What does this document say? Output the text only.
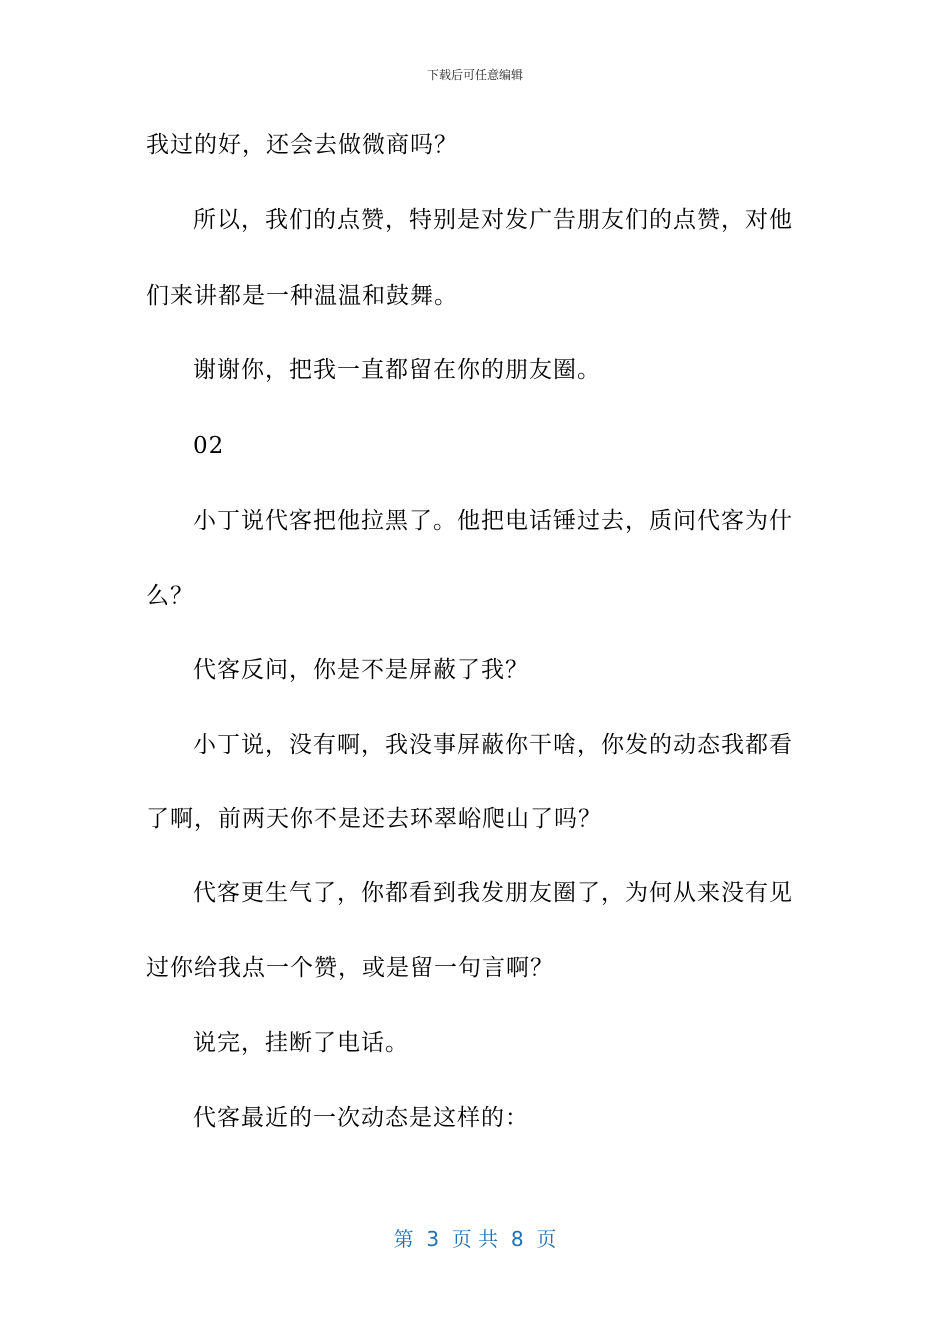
下载后可任意编辑
我过的好，还会去做微商吗？
所以，我们的点赞，特别是对发广告朋友们的点赞，对他
们来讲都是一种温温和鼓舞。
谢谢你，把我一直都留在你的朋友圈。
02
小丁说代客把他拉黑了。他把电话锤过去，质问代客为什
么？
代客反问，你是不是屏蔽了我？
小丁说，没有啊，我没事屏蔽你干啥，你发的动态我都看
了啊，前两天你不是还去环翠峪爬山了吗？
代客更生气了，你都看到我发朋友圈了，为何从来没有见
过你给我点一个赞，或是留一句言啊？
说完，挂断了电话。
代客最近的一次动态是这样的：
第  3  页 共  8  页
